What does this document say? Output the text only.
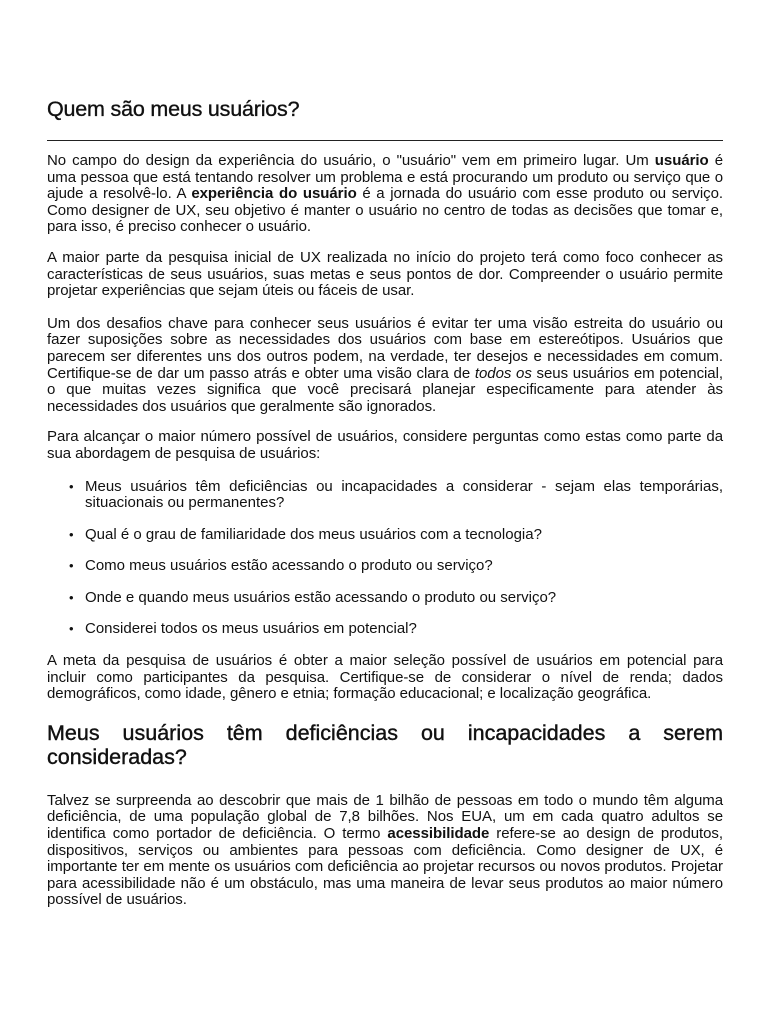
Quem são meus usuários?

No campo do design da experiência do usuário, o "usuário" vem em primeiro lugar. Um usuário é uma pessoa que está tentando resolver um problema e está procurando um produto ou serviço que o ajude a resolvê-lo. A experiência do usuário é a jornada do usuário com esse produto ou serviço. Como designer de UX, seu objetivo é manter o usuário no centro de todas as decisões que tomar e, para isso, é preciso conhecer o usuário.

A maior parte da pesquisa inicial de UX realizada no início do projeto terá como foco conhecer as características de seus usuários, suas metas e seus pontos de dor. Compreender o usuário permite projetar experiências que sejam úteis ou fáceis de usar.

Um dos desafios chave para conhecer seus usuários é evitar ter uma visão estreita do usuário ou fazer suposições sobre as necessidades dos usuários com base em estereótipos. Usuários que parecem ser diferentes uns dos outros podem, na verdade, ter desejos e necessidades em comum. Certifique-se de dar um passo atrás e obter uma visão clara de todos os seus usuários em potencial, o que muitas vezes significa que você precisará planejar especificamente para atender às necessidades dos usuários que geralmente são ignorados.

Para alcançar o maior número possível de usuários, considere perguntas como estas como parte da sua abordagem de pesquisa de usuários:

• Meus usuários têm deficiências ou incapacidades a considerar - sejam elas temporárias, situacionais ou permanentes?
• Qual é o grau de familiaridade dos meus usuários com a tecnologia?
• Como meus usuários estão acessando o produto ou serviço?
• Onde e quando meus usuários estão acessando o produto ou serviço?
• Considerei todos os meus usuários em potencial?

A meta da pesquisa de usuários é obter a maior seleção possível de usuários em potencial para incluir como participantes da pesquisa. Certifique-se de considerar o nível de renda; dados demográficos, como idade, gênero e etnia; formação educacional; e localização geográfica.

Meus usuários têm deficiências ou incapacidades a serem consideradas?

Talvez se surpreenda ao descobrir que mais de 1 bilhão de pessoas em todo o mundo têm alguma deficiência, de uma população global de 7,8 bilhões. Nos EUA, um em cada quatro adultos se identifica como portador de deficiência. O termo acessibilidade refere-se ao design de produtos, dispositivos, serviços ou ambientes para pessoas com deficiência. Como designer de UX, é importante ter em mente os usuários com deficiência ao projetar recursos ou novos produtos. Projetar para acessibilidade não é um obstáculo, mas uma maneira de levar seus produtos ao maior número possível de usuários.
